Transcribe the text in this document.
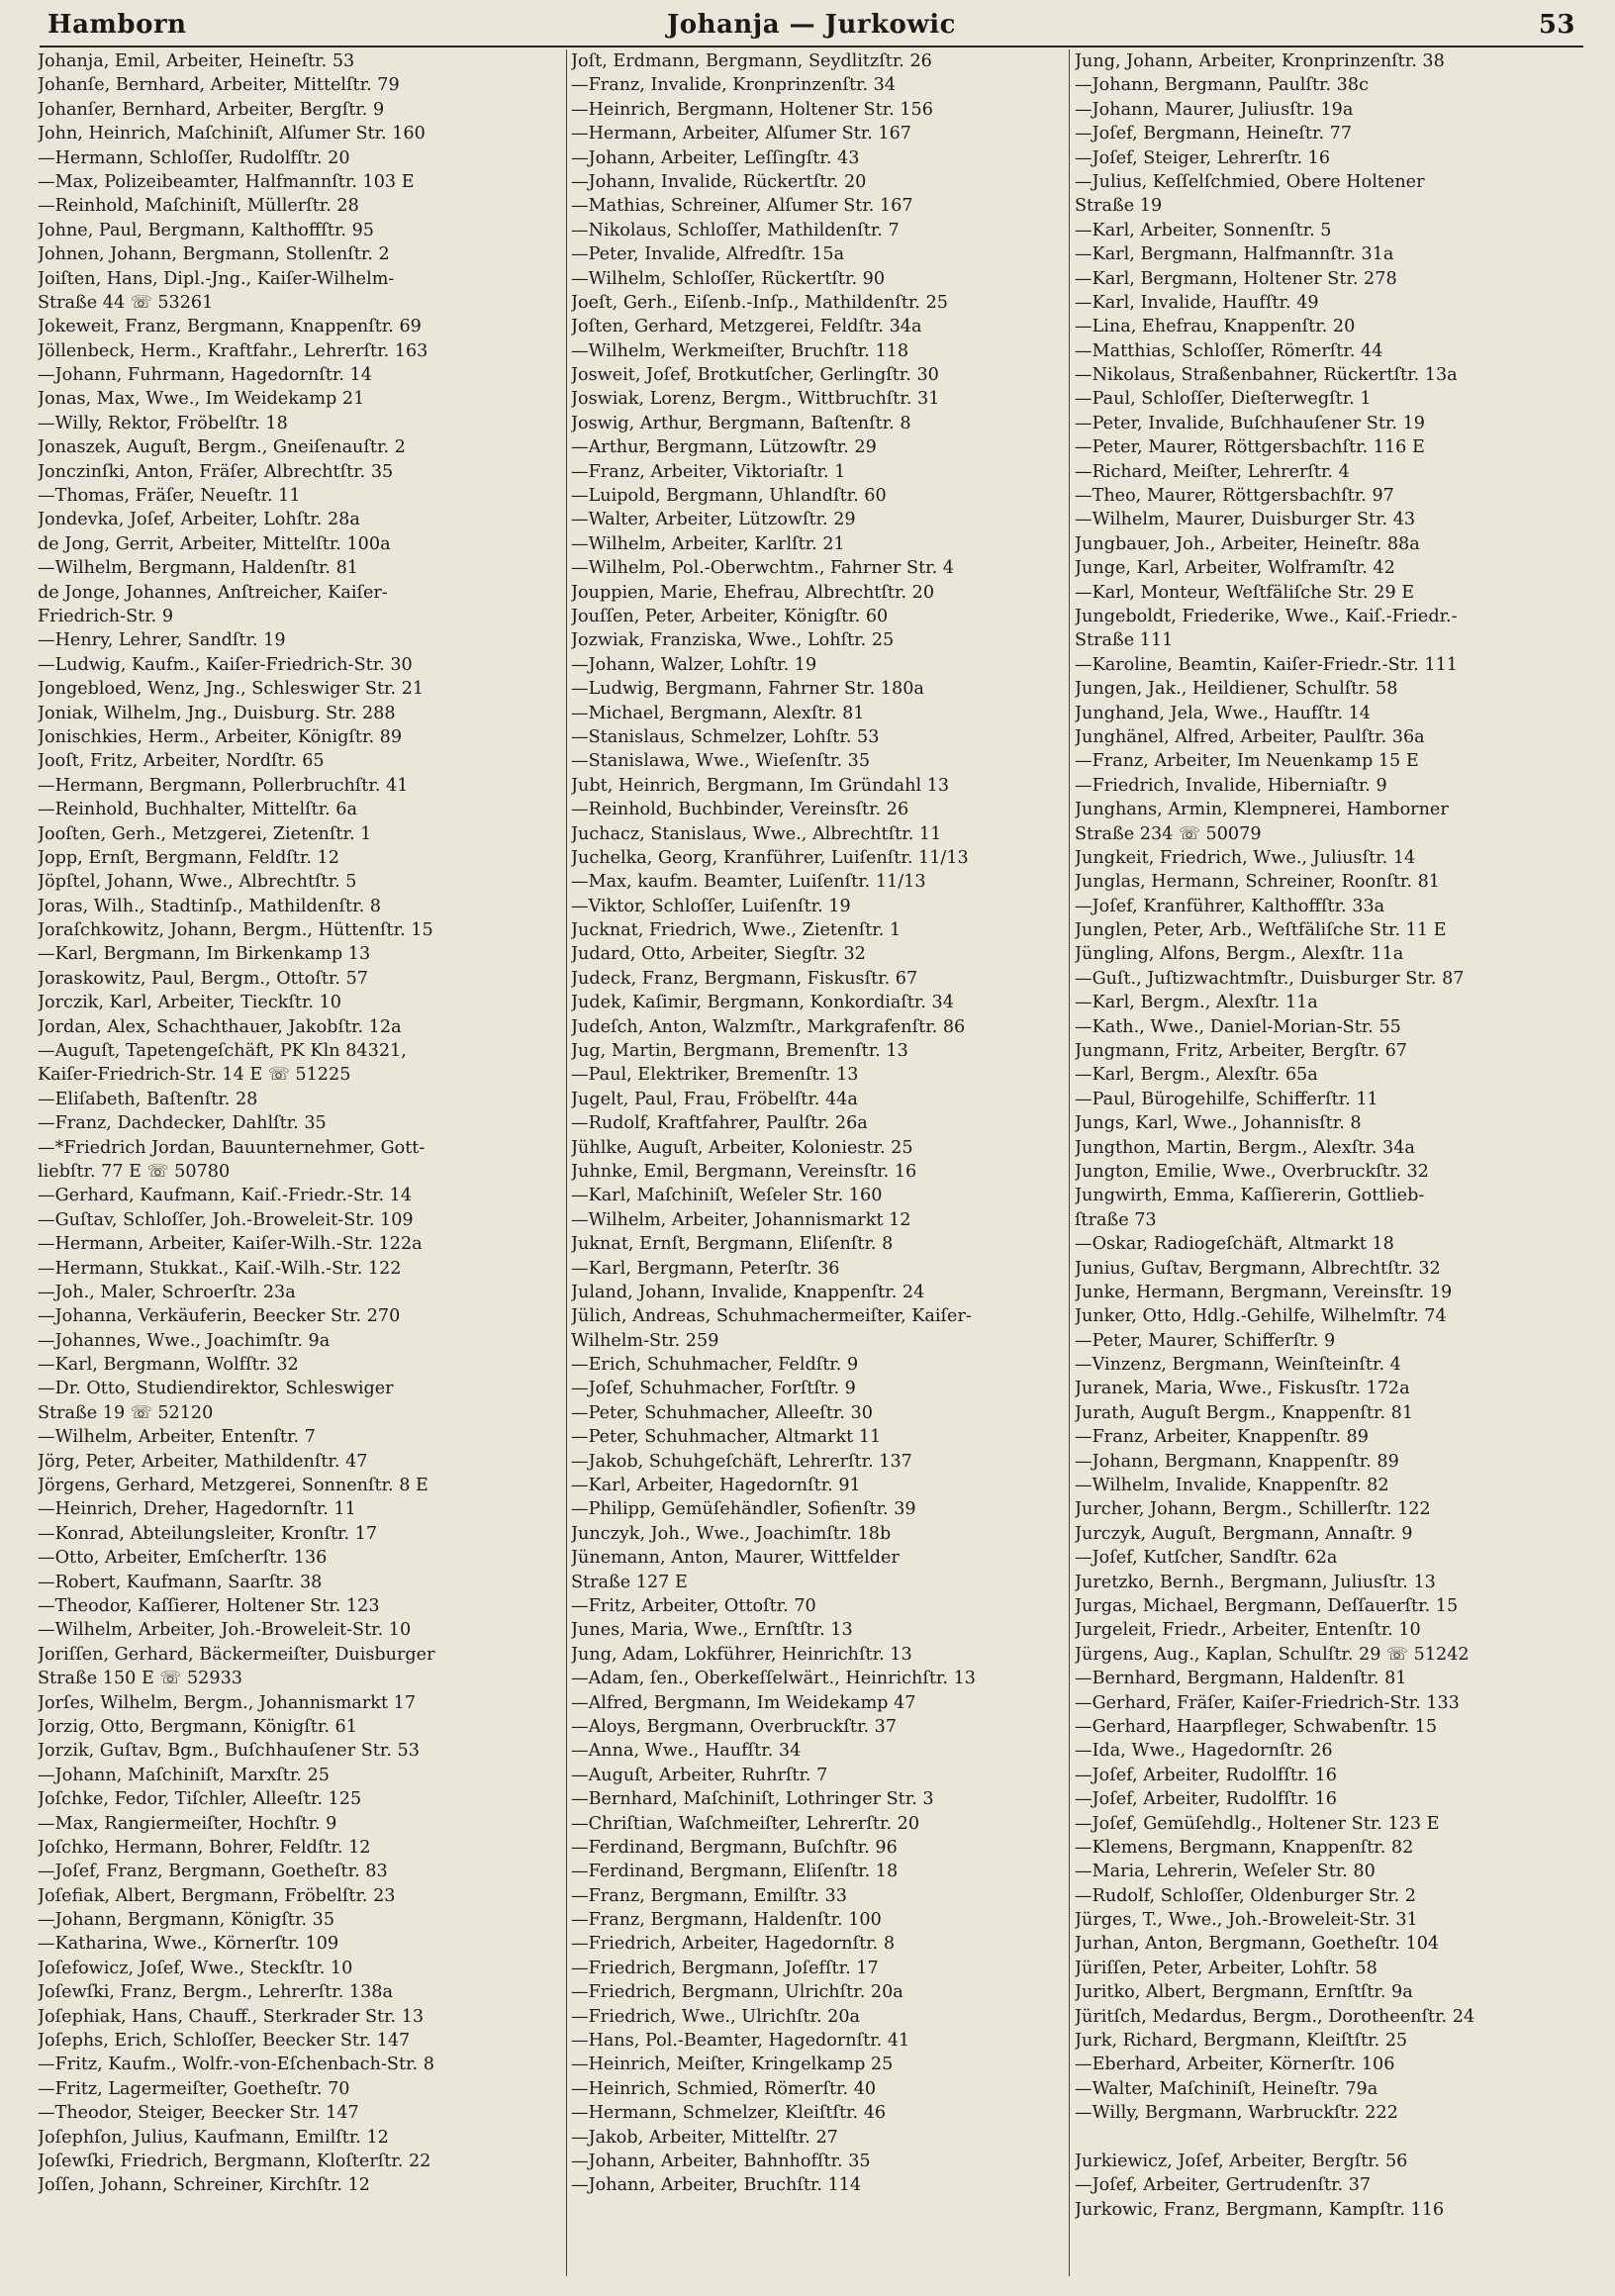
Johanja — Jurkowic
Hamborn	53
Johanja, Emil, Arbeiter, Heineſtr. 53
Johanſe, Bernhard, Arbeiter, Mittelſtr. 79
Johanſer, Bernhard, Arbeiter, Bergſtr. 9
John, Heinrich, Maſchiniſt, Alſumer Str. 160
—Hermann, Schloſſer, Rudolfſtr. 20
—Max, Polizeibeamter, Halfmannſtr. 103 E
—Reinhold, Maſchiniſt, Müllerſtr. 28
Johne, Paul, Bergmann, Kalthoffſtr. 95
Johnen, Johann, Bergmann, Stollenſtr. 2
Joiſten, Hans, Dipl.-Jng., Kaiſer-Wilhelm-
Straße 44 ☏ 53261
Jokeweit, Franz, Bergmann, Knappenſtr. 69
Jöllenbeck, Herm., Kraftfahr., Lehrerſtr. 163
—Johann, Fuhrmann, Hagedornſtr. 14
Jonas, Max, Wwe., Im Weidekamp 21
—Willy, Rektor, Fröbelſtr. 18
Jonaszek, Auguſt, Bergm., Gneiſenauſtr. 2
Jonczinſki, Anton, Fräſer, Albrechtſtr. 35
—Thomas, Fräſer, Neueſtr. 11
Jondevka, Joſef, Arbeiter, Lohſtr. 28a
de Jong, Gerrit, Arbeiter, Mittelſtr. 100a
—Wilhelm, Bergmann, Haldenſtr. 81
de Jonge, Johannes, Anſtreicher, Kaiſer-
Friedrich-Str. 9
—Henry, Lehrer, Sandſtr. 19
—Ludwig, Kaufm., Kaiſer-Friedrich-Str. 30
Jongebloed, Wenz, Jng., Schleswiger Str. 21
Joniak, Wilhelm, Jng., Duisburg. Str. 288
Jonischkies, Herm., Arbeiter, Königſtr. 89
Jooſt, Fritz, Arbeiter, Nordſtr. 65
—Hermann, Bergmann, Pollerbruchſtr. 41
—Reinhold, Buchhalter, Mittelſtr. 6a
Jooſten, Gerh., Metzgerei, Zietenſtr. 1
Jopp, Ernſt, Bergmann, Feldſtr. 12
Jöpſtel, Johann, Wwe., Albrechtſtr. 5
Joras, Wilh., Stadtinſp., Mathildenſtr. 8
Joraſchkowitz, Johann, Bergm., Hüttenſtr. 15
—Karl, Bergmann, Im Birkenkamp 13
Joraskowitz, Paul, Bergm., Ottoſtr. 57
Jorczik, Karl, Arbeiter, Tieckſtr. 10
Jordan, Alex, Schachthauer, Jakobſtr. 12a
—Auguſt, Tapetengeſchäft, PK Kln 84321,
Kaiſer-Friedrich-Str. 14 E ☏ 51225
—Eliſabeth, Baſtenſtr. 28
—Franz, Dachdecker, Dahlſtr. 35
—*Friedrich Jordan, Bauunternehmer, Gott-
liebſtr. 77 E ☏ 50780
—Gerhard, Kaufmann, Kaiſ.-Friedr.-Str. 14
—Guſtav, Schloſſer, Joh.-Broweleit-Str. 109
—Hermann, Arbeiter, Kaiſer-Wilh.-Str. 122a
—Hermann, Stukkat., Kaiſ.-Wilh.-Str. 122
—Joh., Maler, Schroerſtr. 23a
—Johanna, Verkäuferin, Beecker Str. 270
—Johannes, Wwe., Joachimſtr. 9a
—Karl, Bergmann, Wolfſtr. 32
—Dr. Otto, Studiendirektor, Schleswiger
Straße 19 ☏ 52120
—Wilhelm, Arbeiter, Entenſtr. 7
Jörg, Peter, Arbeiter, Mathildenſtr. 47
Jörgens, Gerhard, Metzgerei, Sonnenſtr. 8 E
—Heinrich, Dreher, Hagedornſtr. 11
—Konrad, Abteilungsleiter, Kronſtr. 17
—Otto, Arbeiter, Emſcherſtr. 136
—Robert, Kaufmann, Saarſtr. 38
—Theodor, Kaſſierer, Holtener Str. 123
—Wilhelm, Arbeiter, Joh.-Broweleit-Str. 10
Joriſſen, Gerhard, Bäckermeiſter, Duisburger
Straße 150 E ☏ 52933
Jorſes, Wilhelm, Bergm., Johannismarkt 17
Jorzig, Otto, Bergmann, Königſtr. 61
Jorzik, Guſtav, Bgm., Buſchhauſener Str. 53
—Johann, Maſchiniſt, Marxſtr. 25
Joſchke, Fedor, Tiſchler, Alleeſtr. 125
—Max, Rangiermeiſter, Hochſtr. 9
Joſchko, Hermann, Bohrer, Feldſtr. 12
—Joſef, Franz, Bergmann, Goetheſtr. 83
Joſefiak, Albert, Bergmann, Fröbelſtr. 23
—Johann, Bergmann, Königſtr. 35
—Katharina, Wwe., Körnerſtr. 109
Joſefowicz, Joſef, Wwe., Steckſtr. 10
Joſewſki, Franz, Bergm., Lehrerſtr. 138a
Joſephiak, Hans, Chauff., Sterkrader Str. 13
Joſephs, Erich, Schloſſer, Beecker Str. 147
—Fritz, Kaufm., Wolfr.-von-Eſchenbach-Str. 8
—Fritz, Lagermeiſter, Goetheſtr. 70
—Theodor, Steiger, Beecker Str. 147
Joſephſon, Julius, Kaufmann, Emilſtr. 12
Joſewſki, Friedrich, Bergmann, Kloſterſtr. 22
Joſſen, Johann, Schreiner, Kirchſtr. 12
Joſt, Erdmann, Bergmann, Seydlitzſtr. 26
—Franz, Invalide, Kronprinzenſtr. 34
—Heinrich, Bergmann, Holtener Str. 156
—Hermann, Arbeiter, Alſumer Str. 167
—Johann, Arbeiter, Leſſingſtr. 43
—Johann, Invalide, Rückertſtr. 20
—Mathias, Schreiner, Alſumer Str. 167
—Nikolaus, Schloſſer, Mathildenſtr. 7
—Peter, Invalide, Alfredſtr. 15a
—Wilhelm, Schloſſer, Rückertſtr. 90
Joeſt, Gerh., Eiſenb.-Inſp., Mathildenſtr. 25
Joſten, Gerhard, Metzgerei, Feldſtr. 34a
—Wilhelm, Werkmeiſter, Bruchſtr. 118
Josweit, Joſef, Brotkutſcher, Gerlingſtr. 30
Joswiak, Lorenz, Bergm., Wittbruchſtr. 31
Joswig, Arthur, Bergmann, Baſtenſtr. 8
—Arthur, Bergmann, Lützowſtr. 29
—Franz, Arbeiter, Viktoriaſtr. 1
—Luipold, Bergmann, Uhlandſtr. 60
—Walter, Arbeiter, Lützowſtr. 29
—Wilhelm, Arbeiter, Karlſtr. 21
—Wilhelm, Pol.-Oberwchtm., Fahrner Str. 4
Jouppien, Marie, Ehefrau, Albrechtſtr. 20
Jouſſen, Peter, Arbeiter, Königſtr. 60
Jozwiak, Franziska, Wwe., Lohſtr. 25
—Johann, Walzer, Lohſtr. 19
—Ludwig, Bergmann, Fahrner Str. 180a
—Michael, Bergmann, Alexſtr. 81
—Stanislaus, Schmelzer, Lohſtr. 53
—Stanislawa, Wwe., Wieſenſtr. 35
Jubt, Heinrich, Bergmann, Im Gründahl 13
—Reinhold, Buchbinder, Vereinsſtr. 26
Juchacz, Stanislaus, Wwe., Albrechtſtr. 11
Juchelka, Georg, Kranführer, Luiſenſtr. 11/13
—Max, kaufm. Beamter, Luiſenſtr. 11/13
—Viktor, Schloſſer, Luiſenſtr. 19
Jucknat, Friedrich, Wwe., Zietenſtr. 1
Judard, Otto, Arbeiter, Siegſtr. 32
Judeck, Franz, Bergmann, Fiskusſtr. 67
Judek, Kaſimir, Bergmann, Konkordiaſtr. 34
Judeſch, Anton, Walzmſtr., Markgrafenſtr. 86
Jug, Martin, Bergmann, Bremenſtr. 13
—Paul, Elektriker, Bremenſtr. 13
Jugelt, Paul, Frau, Fröbelſtr. 44a
—Rudolf, Kraftfahrer, Paulſtr. 26a
Jühlke, Auguſt, Arbeiter, Koloniestr. 25
Juhnke, Emil, Bergmann, Vereinsſtr. 16
—Karl, Maſchiniſt, Weſeler Str. 160
—Wilhelm, Arbeiter, Johannismarkt 12
Juknat, Ernſt, Bergmann, Eliſenſtr. 8
—Karl, Bergmann, Peterſtr. 36
Juland, Johann, Invalide, Knappenſtr. 24
Jülich, Andreas, Schuhmachermeiſter, Kaiſer-
Wilhelm-Str. 259
—Erich, Schuhmacher, Feldſtr. 9
—Joſef, Schuhmacher, Forſtſtr. 9
—Peter, Schuhmacher, Alleeſtr. 30
—Peter, Schuhmacher, Altmarkt 11
—Jakob, Schuhgeſchäft, Lehrerſtr. 137
—Karl, Arbeiter, Hagedornſtr. 91
—Philipp, Gemüſehändler, Sofienſtr. 39
Junczyk, Joh., Wwe., Joachimſtr. 18b
Jünemann, Anton, Maurer, Wittfelder
Straße 127 E
—Fritz, Arbeiter, Ottoſtr. 70
Junes, Maria, Wwe., Ernſtſtr. 13
Jung, Adam, Lokführer, Heinrichſtr. 13
—Adam, ſen., Oberkeſſelwärt., Heinrichſtr. 13
—Alfred, Bergmann, Im Weidekamp 47
—Aloys, Bergmann, Overbruckſtr. 37
—Anna, Wwe., Haufſtr. 34
—Auguſt, Arbeiter, Ruhrſtr. 7
—Bernhard, Maſchiniſt, Lothringer Str. 3
—Chriſtian, Waſchmeiſter, Lehrerſtr. 20
—Ferdinand, Bergmann, Buſchſtr. 96
—Ferdinand, Bergmann, Eliſenſtr. 18
—Franz, Bergmann, Emilſtr. 33
—Franz, Bergmann, Haldenſtr. 100
—Friedrich, Arbeiter, Hagedornſtr. 8
—Friedrich, Bergmann, Joſefſtr. 17
—Friedrich, Bergmann, Ulrichſtr. 20a
—Friedrich, Wwe., Ulrichſtr. 20a
—Hans, Pol.-Beamter, Hagedornſtr. 41
—Heinrich, Meiſter, Kringelkamp 25
—Heinrich, Schmied, Römerſtr. 40
—Hermann, Schmelzer, Kleiſtſtr. 46
—Jakob, Arbeiter, Mittelſtr. 27
—Johann, Arbeiter, Bahnhofſtr. 35
—Johann, Arbeiter, Bruchſtr. 114
Jung, Johann, Arbeiter, Kronprinzenſtr. 38
—Johann, Bergmann, Paulſtr. 38c
—Johann, Maurer, Juliusſtr. 19a
—Joſef, Bergmann, Heineſtr. 77
—Joſef, Steiger, Lehrerſtr. 16
—Julius, Keſſelſchmied, Obere Holtener
Straße 19
—Karl, Arbeiter, Sonnenſtr. 5
—Karl, Bergmann, Halfmannſtr. 31a
—Karl, Bergmann, Holtener Str. 278
—Karl, Invalide, Haufſtr. 49
—Lina, Ehefrau, Knappenſtr. 20
—Matthias, Schloſſer, Römerſtr. 44
—Nikolaus, Straßenbahner, Rückertſtr. 13a
—Paul, Schloſſer, Dieſterwegſtr. 1
—Peter, Invalide, Buſchhauſener Str. 19
—Peter, Maurer, Röttgersbachſtr. 116 E
—Richard, Meiſter, Lehrerſtr. 4
—Theo, Maurer, Röttgersbachſtr. 97
—Wilhelm, Maurer, Duisburger Str. 43
Jungbauer, Joh., Arbeiter, Heineſtr. 88a
Junge, Karl, Arbeiter, Wolframſtr. 42
—Karl, Monteur, Weſtfäliſche Str. 29 E
Jungeboldt, Friederike, Wwe., Kaiſ.-Friedr.-
Straße 111
—Karoline, Beamtin, Kaiſer-Friedr.-Str. 111
Jungen, Jak., Heildiener, Schulſtr. 58
Junghand, Jela, Wwe., Haufſtr. 14
Junghänel, Alfred, Arbeiter, Paulſtr. 36a
—Franz, Arbeiter, Im Neuenkamp 15 E
—Friedrich, Invalide, Hiberniaſtr. 9
Junghans, Armin, Klempnerei, Hamborner
Straße 234 ☏ 50079
Jungkeit, Friedrich, Wwe., Juliusſtr. 14
Junglas, Hermann, Schreiner, Roonſtr. 81
—Joſef, Kranführer, Kalthoffſtr. 33a
Junglen, Peter, Arb., Weſtfäliſche Str. 11 E
Jüngling, Alfons, Bergm., Alexſtr. 11a
—Guſt., Juſtizwachtmſtr., Duisburger Str. 87
—Karl, Bergm., Alexſtr. 11a
—Kath., Wwe., Daniel-Morian-Str. 55
Jungmann, Fritz, Arbeiter, Bergſtr. 67
—Karl, Bergm., Alexſtr. 65a
—Paul, Bürogehilfe, Schifferſtr. 11
Jungs, Karl, Wwe., Johannisſtr. 8
Jungthon, Martin, Bergm., Alexſtr. 34a
Jungton, Emilie, Wwe., Overbruckſtr. 32
Jungwirth, Emma, Kaſſiererin, Gottlieb-
ſtraße 73
—Oskar, Radiogeſchäft, Altmarkt 18
Junius, Guſtav, Bergmann, Albrechtſtr. 32
Junke, Hermann, Bergmann, Vereinsſtr. 19
Junker, Otto, Hdlg.-Gehilfe, Wilhelmſtr. 74
—Peter, Maurer, Schifferſtr. 9
—Vinzenz, Bergmann, Weinſteinſtr. 4
Juranek, Maria, Wwe., Fiskusſtr. 172a
Jurath, Auguſt Bergm., Knappenſtr. 81
—Franz, Arbeiter, Knappenſtr. 89
—Johann, Bergmann, Knappenſtr. 89
—Wilhelm, Invalide, Knappenſtr. 82
Jurcher, Johann, Bergm., Schillerſtr. 122
Jurczyk, Auguſt, Bergmann, Annaſtr. 9
—Joſef, Kutſcher, Sandſtr. 62a
Juretzko, Bernh., Bergmann, Juliusſtr. 13
Jurgas, Michael, Bergmann, Deſſauerſtr. 15
Jurgeleit, Friedr., Arbeiter, Entenſtr. 10
Jürgens, Aug., Kaplan, Schulſtr. 29 ☏ 51242
—Bernhard, Bergmann, Haldenſtr. 81
—Gerhard, Fräſer, Kaiſer-Friedrich-Str. 133
—Gerhard, Haarpfleger, Schwabenſtr. 15
—Ida, Wwe., Hagedornſtr. 26
—Joſef, Arbeiter, Rudolfſtr. 16
—Joſef, Arbeiter, Rudolfſtr. 16
—Joſef, Gemüſehdlg., Holtener Str. 123 E
—Klemens, Bergmann, Knappenſtr. 82
—Maria, Lehrerin, Weſeler Str. 80
—Rudolf, Schloſſer, Oldenburger Str. 2
Jürges, T., Wwe., Joh.-Broweleit-Str. 31
Jurhan, Anton, Bergmann, Goetheſtr. 104
Jüriſſen, Peter, Arbeiter, Lohſtr. 58
Juritko, Albert, Bergmann, Ernſtſtr. 9a
Jüritſch, Medardus, Bergm., Dorotheenſtr. 24
Jurk, Richard, Bergmann, Kleiſtſtr. 25
—Eberhard, Arbeiter, Körnerſtr. 106
—Walter, Maſchiniſt, Heineſtr. 79a
—Willy, Bergmann, Warbruckſtr. 222
Jurkiewicz, Joſef, Arbeiter, Bergſtr. 56
—Joſef, Arbeiter, Gertrudenſtr. 37
Jurkowic, Franz, Bergmann, Kampſtr. 116
